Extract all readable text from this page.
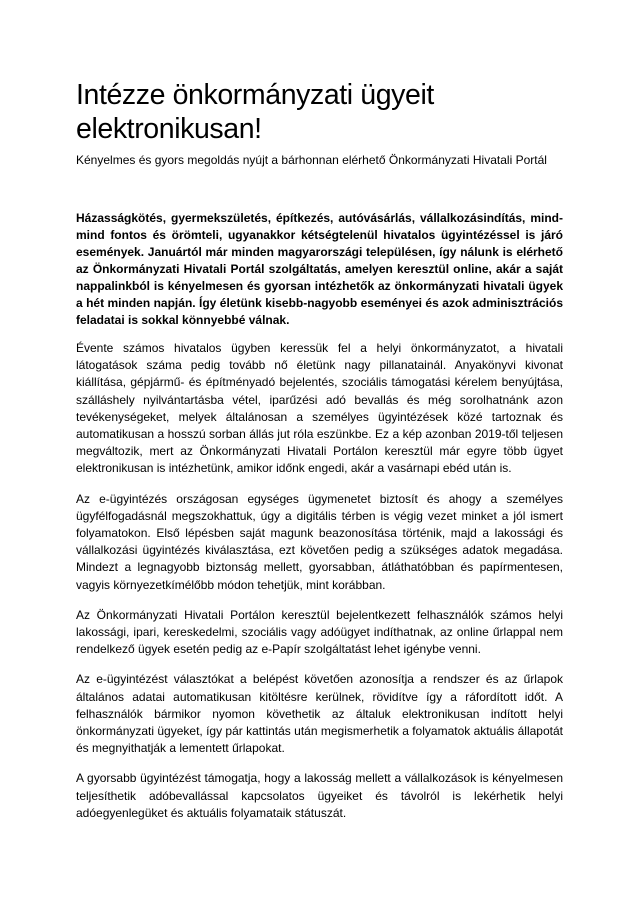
Intézze önkormányzati ügyeit elektronikusan!

Kényelmes és gyors megoldás nyújt a bárhonnan elérhető Önkormányzati Hivatali Portál

Házasságkötés, gyermekszületés, építkezés, autóvásárlás, vállalkozásindítás, mind-mind fontos és örömteli, ugyanakkor kétségtelenül hivatalos ügyintézéssel is járó események. Januártól már minden magyarországi településen, így nálunk is elérhető az Önkormányzati Hivatali Portál szolgáltatás, amelyen keresztül online, akár a saját nappalinkból is kényelmesen és gyorsan intézhetők az önkormányzati hivatali ügyek a hét minden napján. Így életünk kisebb-nagyobb eseményei és azok adminisztrációs feladatai is sokkal könnyebbé válnak.

Évente számos hivatalos ügyben keressük fel a helyi önkormányzatot, a hivatali látogatások száma pedig tovább nő életünk nagy pillanatainál. Anyakönyvi kivonat kiállítása, gépjármű- és építményadó bejelentés, szociális támogatási kérelem benyújtása, szálláshely nyilvántartásba vétel, iparűzési adó bevallás és még sorolhatnánk azon tevékenységeket, melyek általánosan a személyes ügyintézések közé tartoznak és automatikusan a hosszú sorban állás jut róla eszünkbe. Ez a kép azonban 2019-től teljesen megváltozik, mert az Önkormányzati Hivatali Portálon keresztül már egyre több ügyet elektronikusan is intézhetünk, amikor időnk engedi, akár a vasárnapi ebéd után is.

Az e-ügyintézés országosan egységes ügymenetet biztosít és ahogy a személyes ügyfélfogadásnál megszokhattuk, úgy a digitális térben is végig vezet minket a jól ismert folyamatokon. Első lépésben saját magunk beazonosítása történik, majd a lakossági és vállalkozási ügyintézés kiválasztása, ezt követően pedig a szükséges adatok megadása. Mindezt a legnagyobb biztonság mellett, gyorsabban, átláthatóbban és papírmentesen, vagyis környezetkímélőbb módon tehetjük, mint korábban.

Az Önkormányzati Hivatali Portálon keresztül bejelentkezett felhasználók számos helyi lakossági, ipari, kereskedelmi, szociális vagy adóügyet indíthatnak, az online űrlappal nem rendelkező ügyek esetén pedig az e-Papír szolgáltatást lehet igénybe venni.

Az e-ügyintézést választókat a belépést követően azonosítja a rendszer és az űrlapok általános adatai automatikusan kitöltésre kerülnek, rövidítve így a ráfordított időt. A felhasználók bármikor nyomon követhetik az általuk elektronikusan indított helyi önkormányzati ügyeket, így pár kattintás után megismerhetik a folyamatok aktuális állapotát és megnyithatják a lementett űrlapokat.

A gyorsabb ügyintézést támogatja, hogy a lakosság mellett a vállalkozások is kényelmesen teljesíthetik adóbevallással kapcsolatos ügyeiket és távolról is lekérhetik helyi adóegyenlegüket és aktuális folyamataik státuszát.
